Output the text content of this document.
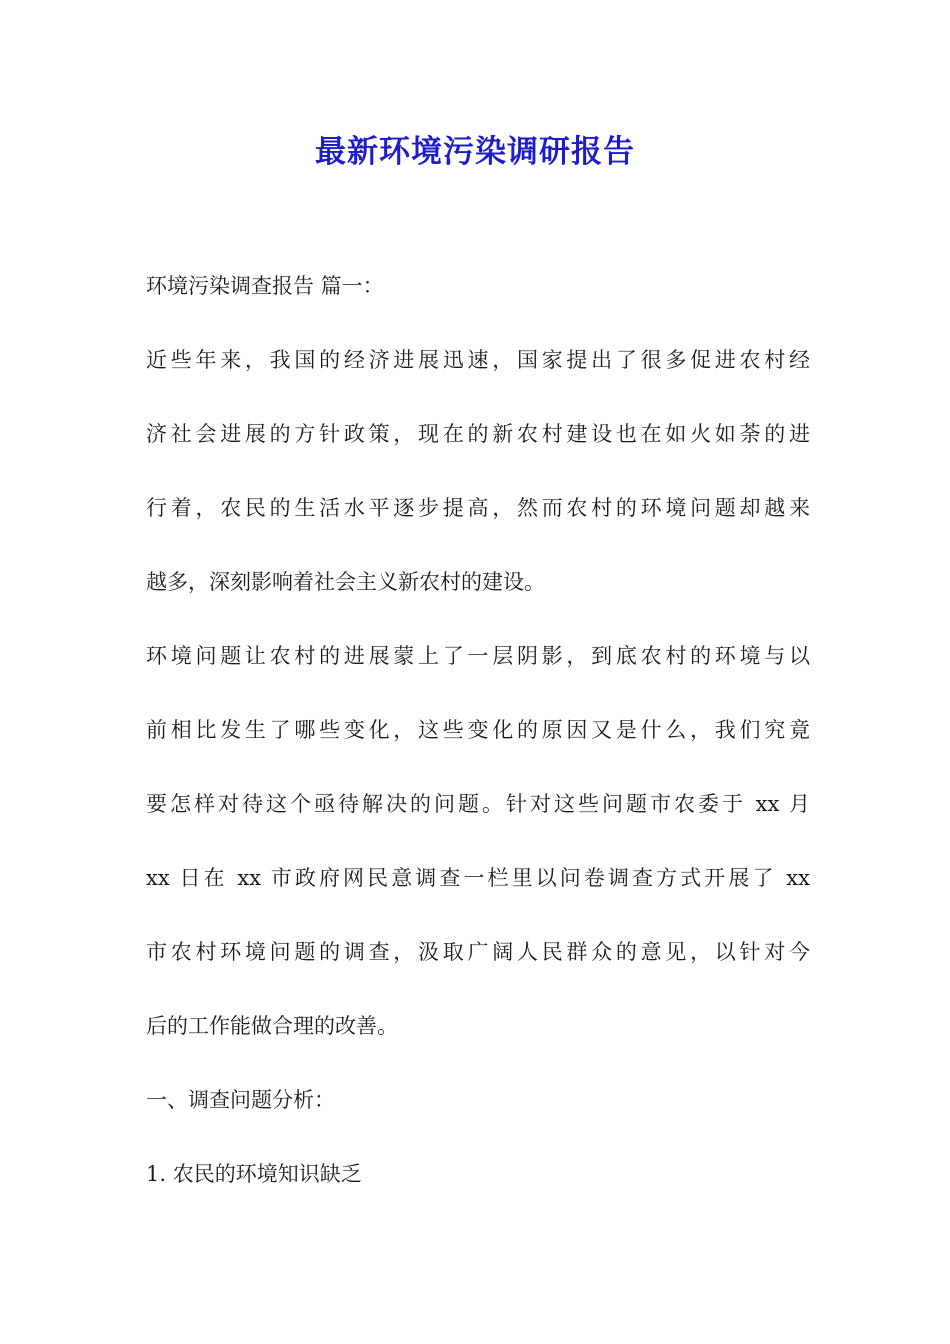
最新环境污染调研报告
环境污染调查报告 篇一：
近些年来，我国的经济进展迅速，国家提出了很多促进农村经
济社会进展的方针政策，现在的新农村建设也在如火如荼的进
行着，农民的生活水平逐步提高，然而农村的环境问题却越来
越多，深刻影响着社会主义新农村的建设。
环境问题让农村的进展蒙上了一层阴影，到底农村的环境与以
前相比发生了哪些变化，这些变化的原因又是什么，我们究竟
要怎样对待这个亟待解决的问题。针对这些问题市农委于 xx 月
xx 日在 xx 市政府网民意调查一栏里以问卷调查方式开展了 xx
市农村环境问题的调查，汲取广阔人民群众的意见，以针对今
后的工作能做合理的改善。
一、调查问题分析：
1. 农民的环境知识缺乏
